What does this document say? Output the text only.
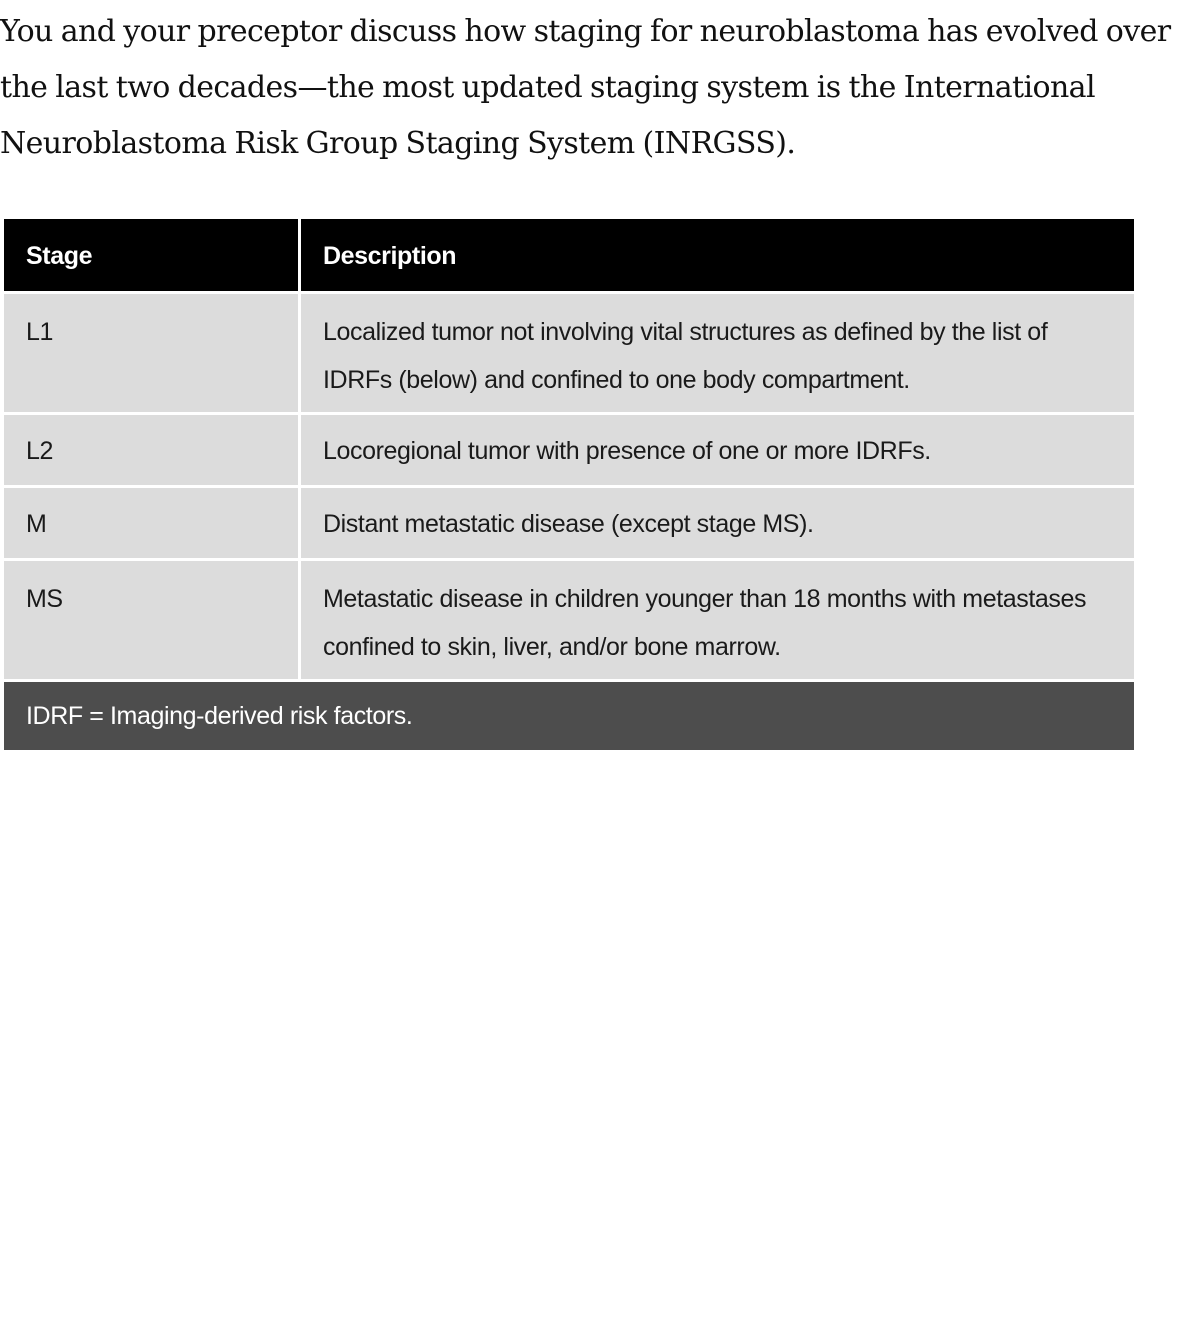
You and your preceptor discuss how staging for neuroblastoma has evolved over the last two decades—the most updated staging system is the International Neuroblastoma Risk Group Staging System (INRGSS).

Stage	Description
L1	Localized tumor not involving vital structures as defined by the list of IDRFs (below) and confined to one body compartment.
L2	Locoregional tumor with presence of one or more IDRFs.
M	Distant metastatic disease (except stage MS).
MS	Metastatic disease in children younger than 18 months with metastases confined to skin, liver, and/or bone marrow.
IDRF = Imaging-derived risk factors.	
